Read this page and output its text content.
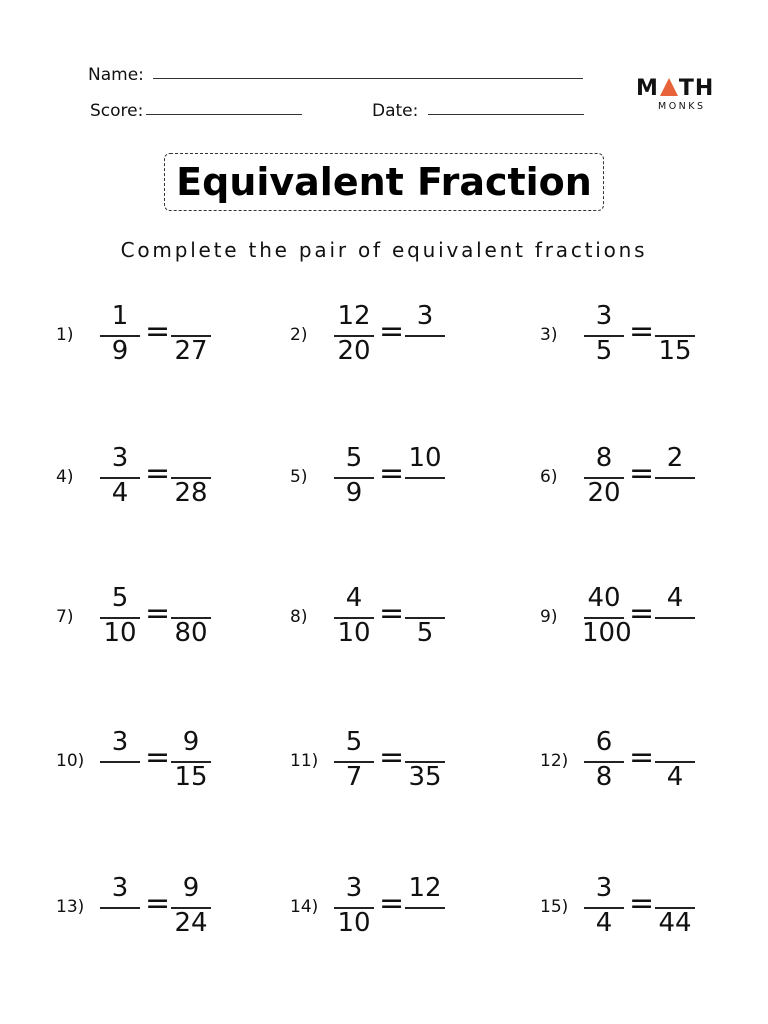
Name:
Score:	Date:
M TH
MONKS
Equivalent Fraction
Complete the pair of equivalent fractions
1)
1
9
=
27
2)
12
20
= 3
3)
3
5
=
15
4)
3
4
=
28
5)
5
9
= 10
6)
8
20
= 2
7)
5
10
=
80
8)
4
10
=
5
9)
40
100
= 4
10)
3 = 9
15
11)
5
7
=
35
12)
6
8
=
4
13)
3 = 9
24
14)
3
10
= 12
15)
3
4
=
44
